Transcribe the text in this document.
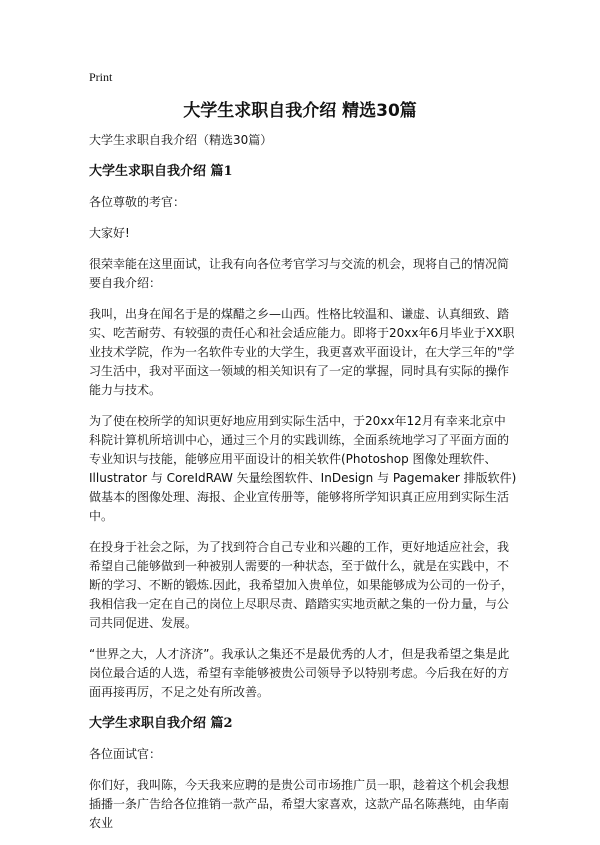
Print
大学生求职自我介绍 精选30篇

大学生求职自我介绍（精选30篇）

大学生求职自我介绍 篇1

各位尊敬的考官：

大家好!

很荣幸能在这里面试，让我有向各位考官学习与交流的机会，现将自己的情况简要自我介绍：

我叫，出身在闻名于是的煤醋之乡—山西。性格比较温和、谦虚、认真细致、踏实、吃苦耐劳、有较强的责任心和社会适应能力。即将于20xx年6月毕业于XX职业技术学院，作为一名软件专业的大学生，我更喜欢平面设计，在大学三年的"学习生活中，我对平面这一领域的相关知识有了一定的掌握，同时具有实际的操作能力与技术。

为了使在校所学的知识更好地应用到实际生活中，于20xx年12月有幸来北京中科院计算机所培训中心，通过三个月的实践训练，全面系统地学习了平面方面的专业知识与技能，能够应用平面设计的相关软件(Photoshop 图像处理软件、Illustrator 与 CoreIdRAW 矢量绘图软件、InDesign 与 Pagemaker 排版软件)做基本的图像处理、海报、企业宣传册等，能够将所学知识真正应用到实际生活中。

在投身于社会之际，为了找到符合自己专业和兴趣的工作，更好地适应社会，我希望自己能够做到一种被别人需要的一种状态，至于做什么，就是在实践中，不断的学习、不断的锻炼.因此，我希望加入贵单位，如果能够成为公司的一份子，我相信我一定在自己的岗位上尽职尽责、踏踏实实地贡献之集的一份力量，与公司共同促进、发展。

“世界之大，人才济济”。我承认之集还不是最优秀的人才，但是我希望之集是此岗位最合适的人选，希望有幸能够被贵公司领导予以特别考虑。今后我在好的方面再接再厉，不足之处有所改善。

大学生求职自我介绍 篇2

各位面试官：

你们好，我叫陈，今天我来应聘的是贵公司市场推广员一职，趁着这个机会我想插播一条广告给各位推销一款产品，希望大家喜欢，这款产品名陈燕纯，由华南农业
